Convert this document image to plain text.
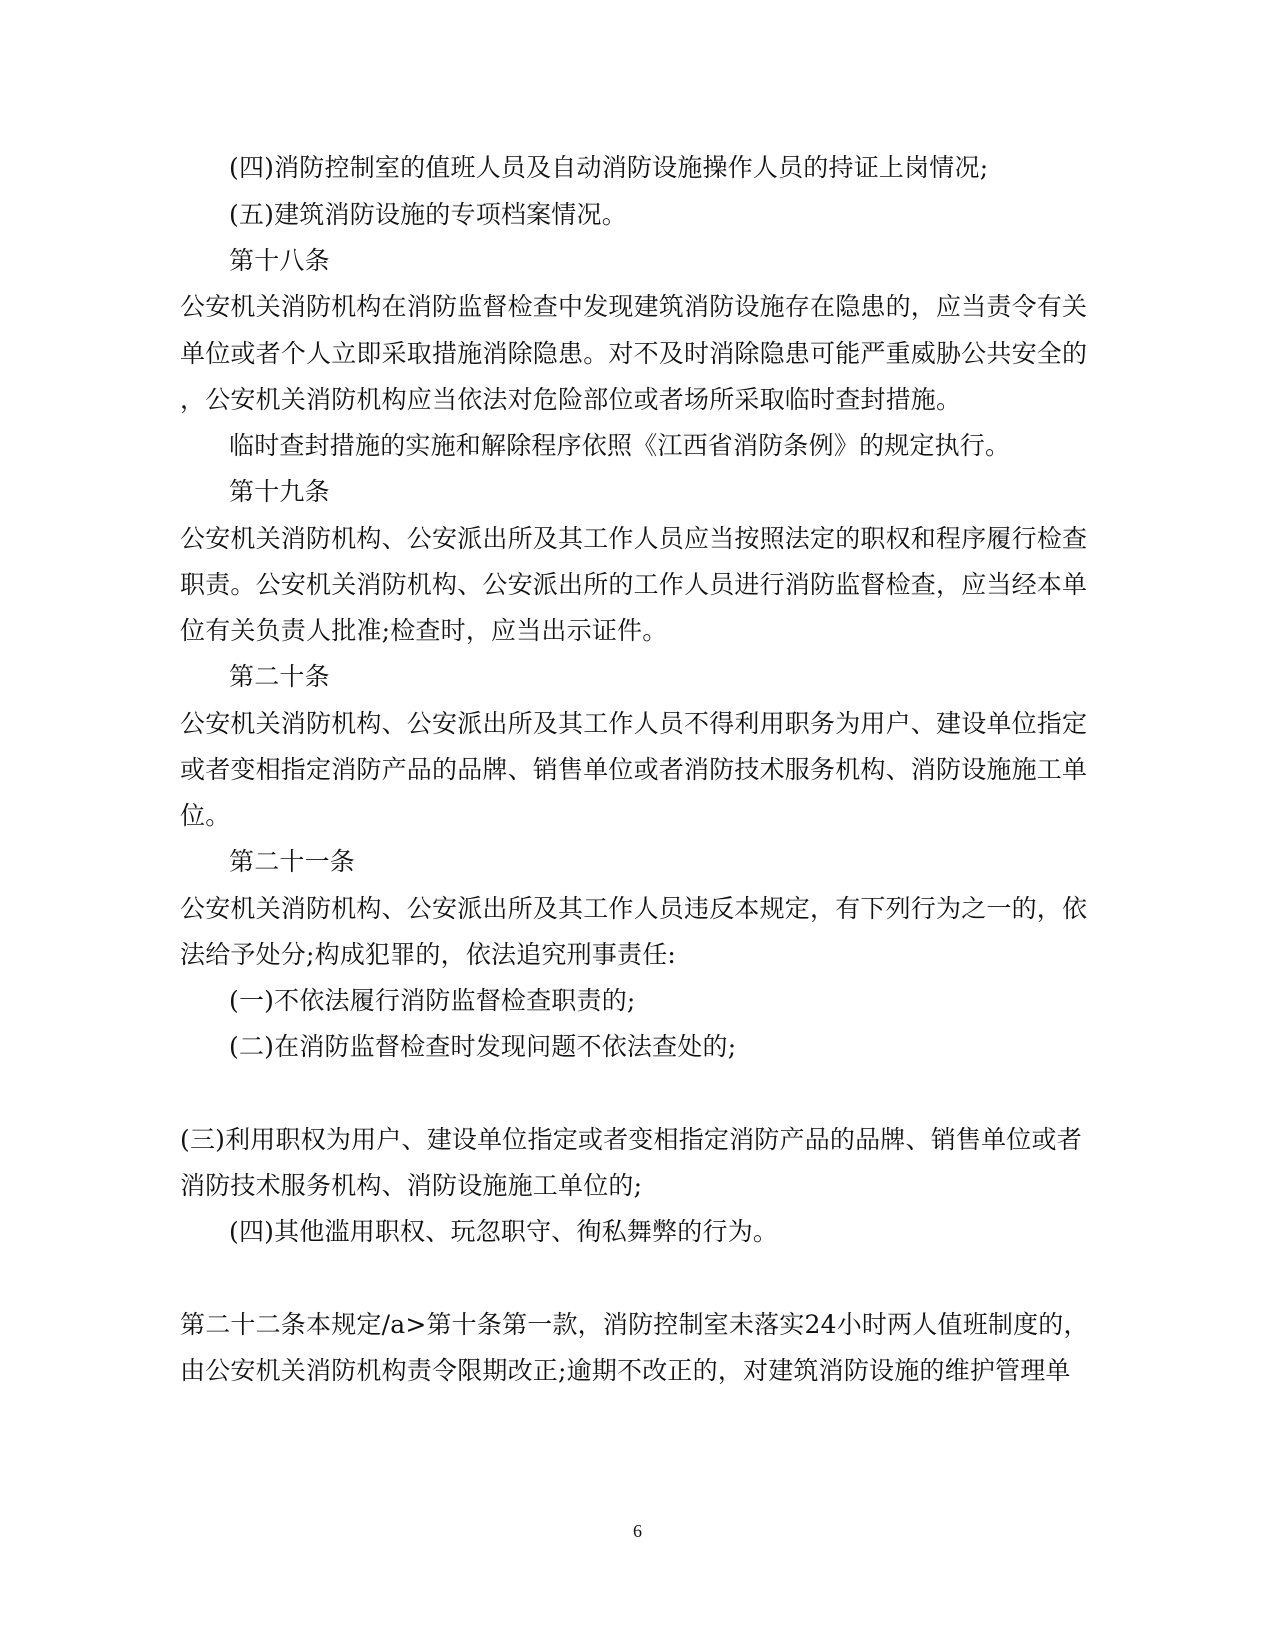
(四)消防控制室的值班人员及自动消防设施操作人员的持证上岗情况;
(五)建筑消防设施的专项档案情况。
第十八条
公安机关消防机构在消防监督检查中发现建筑消防设施存在隐患的，应当责令有关
单位或者个人立即采取措施消除隐患。对不及时消除隐患可能严重威胁公共安全的
，公安机关消防机构应当依法对危险部位或者场所采取临时查封措施。
临时查封措施的实施和解除程序依照《江西省消防条例》的规定执行。
第十九条
公安机关消防机构、公安派出所及其工作人员应当按照法定的职权和程序履行检查
职责。公安机关消防机构、公安派出所的工作人员进行消防监督检查，应当经本单
位有关负责人批准;检查时，应当出示证件。
第二十条
公安机关消防机构、公安派出所及其工作人员不得利用职务为用户、建设单位指定
或者变相指定消防产品的品牌、销售单位或者消防技术服务机构、消防设施施工单
位。
第二十一条
公安机关消防机构、公安派出所及其工作人员违反本规定，有下列行为之一的，依
法给予处分;构成犯罪的，依法追究刑事责任:
(一)不依法履行消防监督检查职责的;
(二)在消防监督检查时发现问题不依法查处的;
(三)利用职权为用户、建设单位指定或者变相指定消防产品的品牌、销售单位或者
消防技术服务机构、消防设施施工单位的;
(四)其他滥用职权、玩忽职守、徇私舞弊的行为。
第二十二条本规定/a>第十条第一款，消防控制室未落实24小时两人值班制度的，
由公安机关消防机构责令限期改正;逾期不改正的，对建筑消防设施的维护管理单
6
